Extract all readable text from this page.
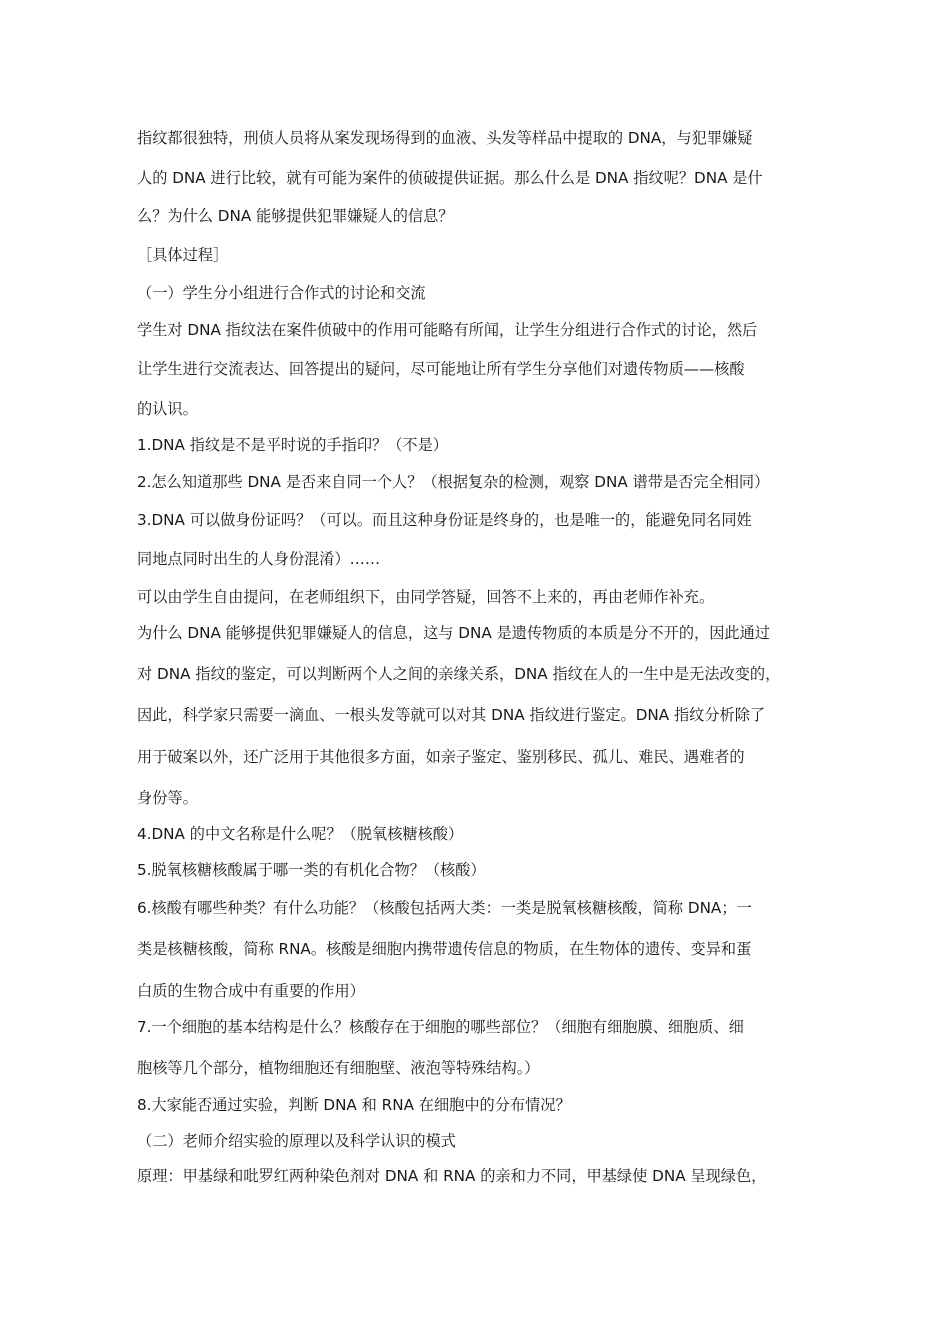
指纹都很独特，刑侦人员将从案发现场得到的血液、头发等样品中提取的 DNA，与犯罪嫌疑
人的 DNA 进行比较，就有可能为案件的侦破提供证据。那么什么是 DNA 指纹呢？DNA 是什
么？为什么 DNA 能够提供犯罪嫌疑人的信息？
［具体过程］
（一）学生分小组进行合作式的讨论和交流
学生对 DNA 指纹法在案件侦破中的作用可能略有所闻，让学生分组进行合作式的讨论，然后
让学生进行交流表达、回答提出的疑问，尽可能地让所有学生分享他们对遗传物质——核酸
的认识。
1.DNA 指纹是不是平时说的手指印？（不是）
2.怎么知道那些 DNA 是否来自同一个人？（根据复杂的检测，观察 DNA 谱带是否完全相同）
3.DNA 可以做身份证吗？（可以。而且这种身份证是终身的，也是唯一的，能避免同名同姓
同地点同时出生的人身份混淆）……
可以由学生自由提问，在老师组织下，由同学答疑，回答不上来的，再由老师作补充。
为什么 DNA 能够提供犯罪嫌疑人的信息，这与 DNA 是遗传物质的本质是分不开的，因此通过
对 DNA 指纹的鉴定，可以判断两个人之间的亲缘关系，DNA 指纹在人的一生中是无法改变的，
因此，科学家只需要一滴血、一根头发等就可以对其 DNA 指纹进行鉴定。DNA 指纹分析除了
用于破案以外，还广泛用于其他很多方面，如亲子鉴定、鉴别移民、孤儿、难民、遇难者的
身份等。
4.DNA 的中文名称是什么呢？（脱氧核糖核酸）
5.脱氧核糖核酸属于哪一类的有机化合物？（核酸）
6.核酸有哪些种类？有什么功能？（核酸包括两大类：一类是脱氧核糖核酸，简称 DNA；一
类是核糖核酸，简称 RNA。核酸是细胞内携带遗传信息的物质，在生物体的遗传、变异和蛋
白质的生物合成中有重要的作用）
7.一个细胞的基本结构是什么？核酸存在于细胞的哪些部位？（细胞有细胞膜、细胞质、细
胞核等几个部分，植物细胞还有细胞壁、液泡等特殊结构。）
8.大家能否通过实验，判断 DNA 和 RNA 在细胞中的分布情况？
（二）老师介绍实验的原理以及科学认识的模式
原理：甲基绿和吡罗红两种染色剂对 DNA 和 RNA 的亲和力不同，甲基绿使 DNA 呈现绿色，
